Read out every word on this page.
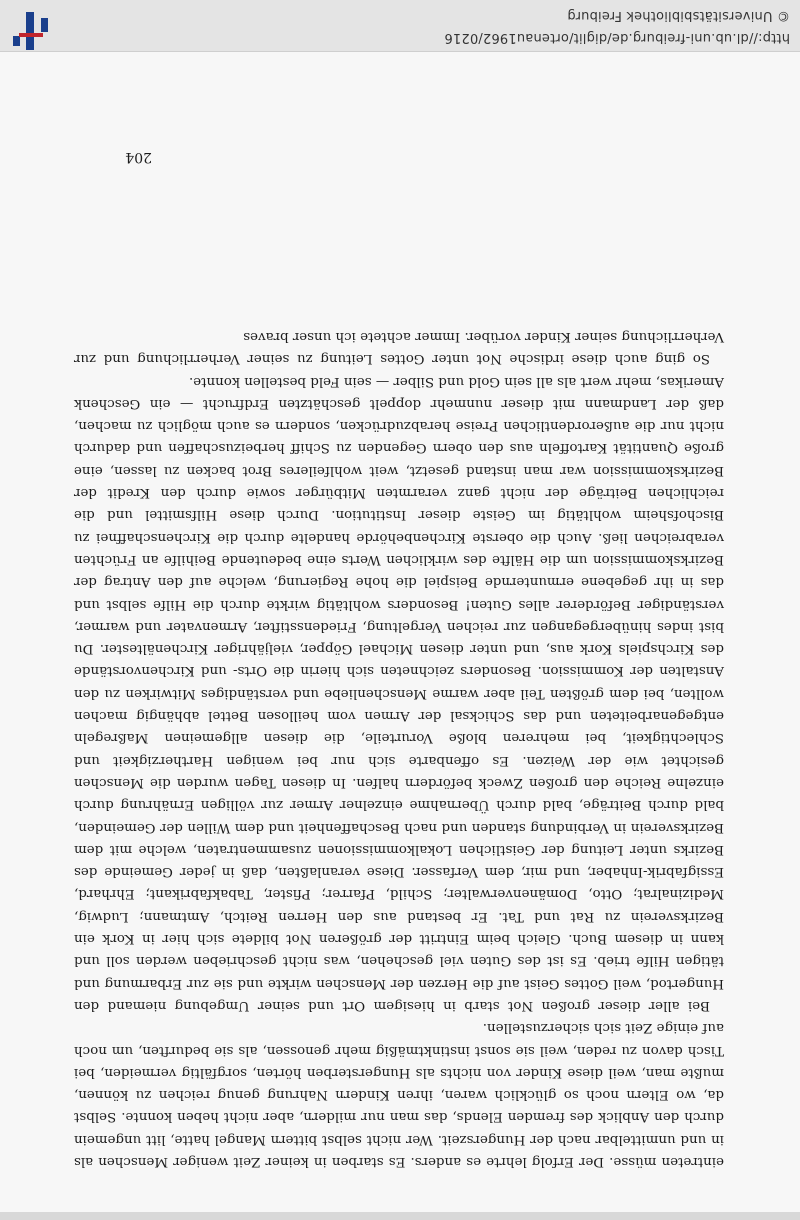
eintreten müsse. Der Erfolg lehrte es anders. Es starben in keiner Zeit weniger Menschen als in und unmittelbar nach der Hungerszeit. Wer nicht selbst bittern Mangel hatte, litt ungemein durch den Anblick des fremden Elends, das man nur mildern, aber nicht heben konnte. Selbst da, wo Eltern noch so glücklich waren, ihren Kindern Nahrung genug reichen zu können, mußte man, weil diese Kinder von nichts als Hungersterben hörten, sorgfältig vermeiden, bei Tisch davon zu reden, weil sie sonst instinktmäßig mehr genossen, als sie bedurften, um noch auf einige Zeit sich sicherzustellen.

Bei aller dieser großen Not starb in hiesigem Ort und seiner Umgebung niemand den Hungertod, weil Gottes Geist auf die Herzen der Menschen wirkte und sie zur Erbarmung und tätigen Hilfe trieb. Es ist des Guten viel geschehen, was nicht geschrieben werden soll und kann in diesem Buch. Gleich beim Eintritt der größeren Not bildete sich hier in Kork ein Bezirksverein zu Rat und Tat. Er bestand aus den Herren Reitch, Amtmann; Ludwig, Medizinalrat; Otto, Domänenverwalter; Schild, Pfarrer; Pfister, Tabakfabrikant; Ehrhard, Essigfabrik-Inhaber, und mir, dem Verfasser. Diese veranlaßten, daß in jeder Gemeinde des Bezirks unter Leitung der Geistlichen Lokalkommissionen zusammentraten, welche mit dem Bezirksverein in Verbindung standen und nach Beschaffenheit und dem Willen der Gemeinden, bald durch Beiträge, bald durch Übernahme einzelner Armer zur völligen Ernährung durch einzelne Reiche den großen Zweck befördern halfen. In diesen Tagen wurden die Menschen gesichtet wie der Weizen. Es offenbarte sich nur bei wenigen Hartherzigkeit und Schlechtigkeit, bei mehreren bloße Vorurteile, die diesen allgemeinen Maßregeln entgegenarbeiteten und das Schicksal der Armen vom heillosen Bettel abhängig machen wollten, bei dem größten Teil aber warme Menschenliebe und verständiges Mitwirken zu den Anstalten der Kommission. Besonders zeichneten sich hierin die Orts- und Kirchenvorstände des Kirchspiels Kork aus, und unter diesen Michael Göpper, vieljähriger Kirchenältester. Du bist indes hinübergegangen zur reichen Vergeltung, Friedensstifter, Armenvater und warmer, verständiger Beförderer alles Guten! Besonders wohltätig wirkte durch die Hilfe selbst und das in ihr gegebene ermunternde Beispiel die hohe Regierung, welche auf den Antrag der Bezirkskommission um die Hälfte des wirklichen Werts eine bedeutende Beihilfe an Früchten verabreichen ließ. Auch die oberste Kirchenbehörde handelte durch die Kirchenschaffnei zu Bischofsheim wohltätig im Geiste dieser Institution. Durch diese Hilfsmittel und die reichlichen Beiträge der nicht ganz verarmten Mitbürger sowie durch den Kredit der Bezirkskommission war man instand gesetzt, weit wohlfeileres Brot backen zu lassen, eine große Quantität Kartoffeln aus den obern Gegenden zu Schiff herbeizuschaffen und dadurch nicht nur die außerordentlichen Preise herabzudrücken, sondern es auch möglich zu machen, daß der Landmann mit dieser nunmehr doppelt geschätzten Erdfrucht — ein Geschenk Amerikas, mehr wert als all sein Gold und Silber — sein Feld bestellen konnte.

So ging auch diese irdische Not unter Gottes Leitung zu seiner Verherrlichung und zur Verherrlichung seiner Kinder vorüber. Immer achtete ich unser braves

204
http://dl.ub.uni-freiburg.de/diglit/ortenau1962/0216
© Universitätsbibliothek Freiburg
